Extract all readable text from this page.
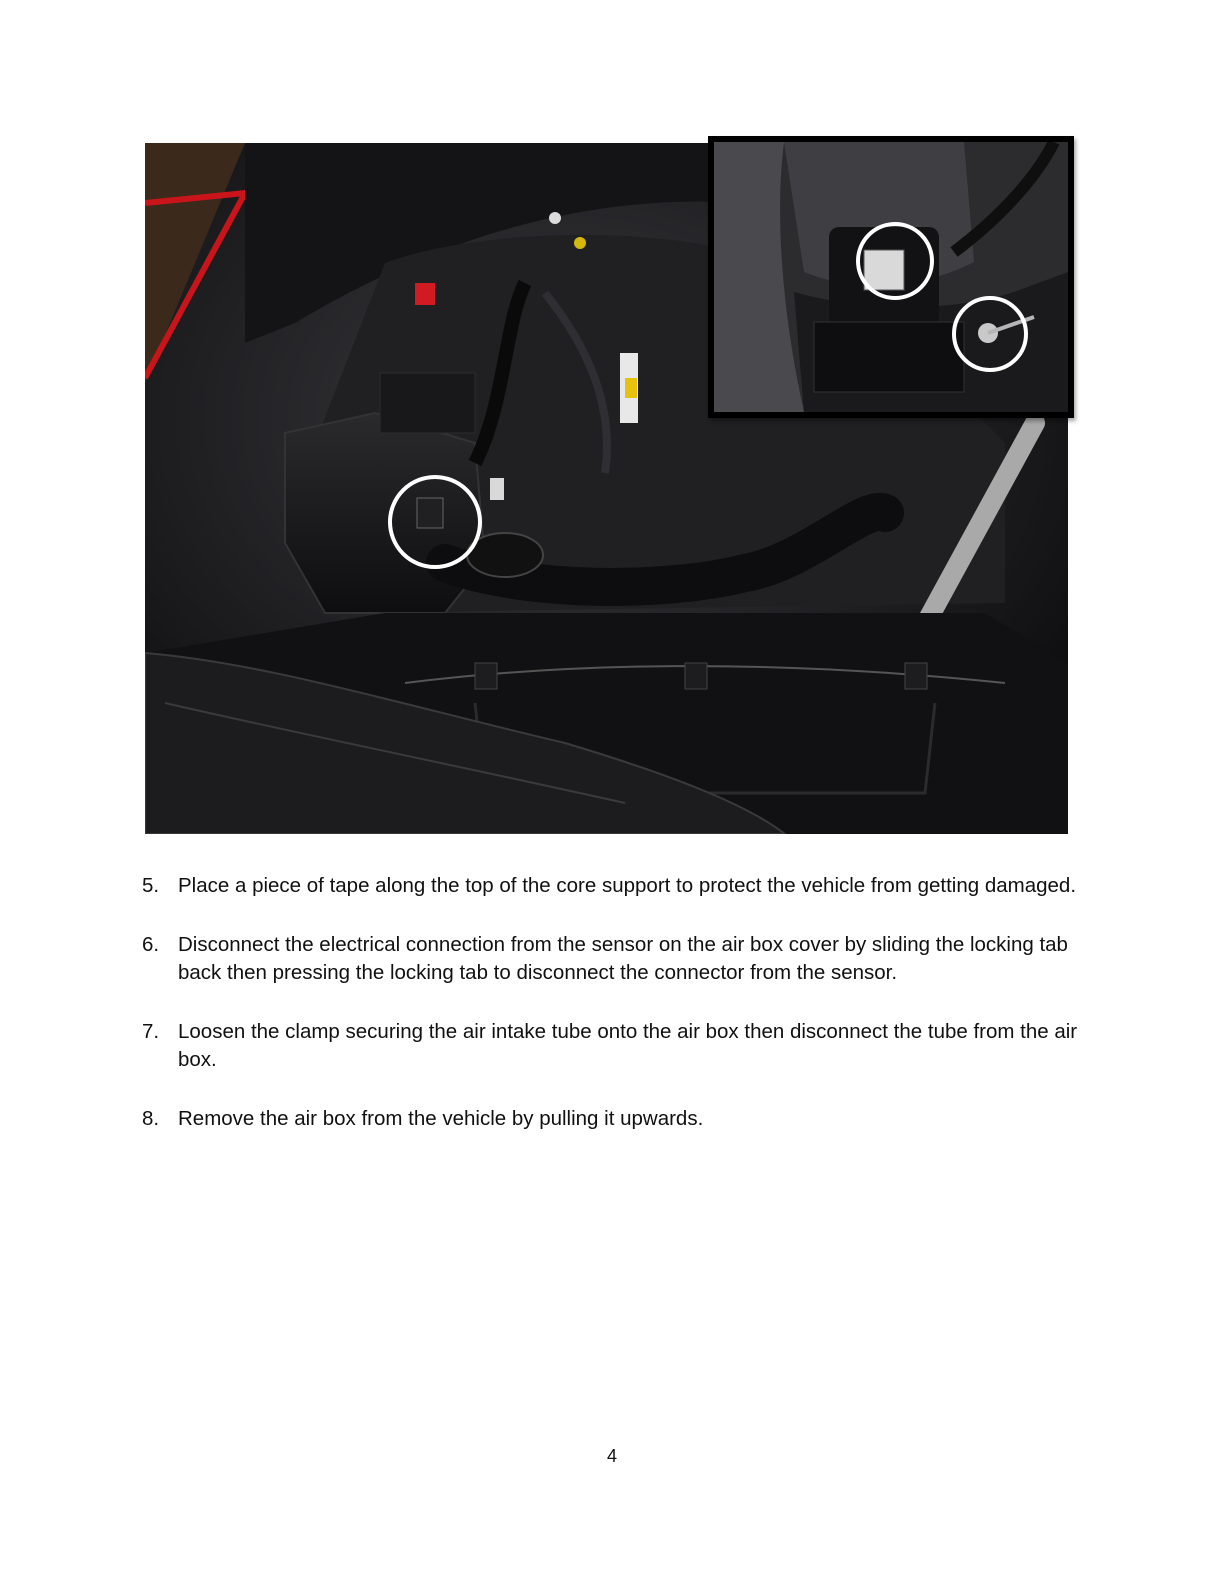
5. Place a piece of tape along the top of the core support to protect the vehicle from getting damaged.
6. Disconnect the electrical connection from the sensor on the air box cover by sliding the locking tab back then pressing the locking tab to disconnect the connector from the sensor.
7. Loosen the clamp securing the air intake tube onto the air box then disconnect the tube from the air box.
8. Remove the air box from the vehicle by pulling it upwards.
4
